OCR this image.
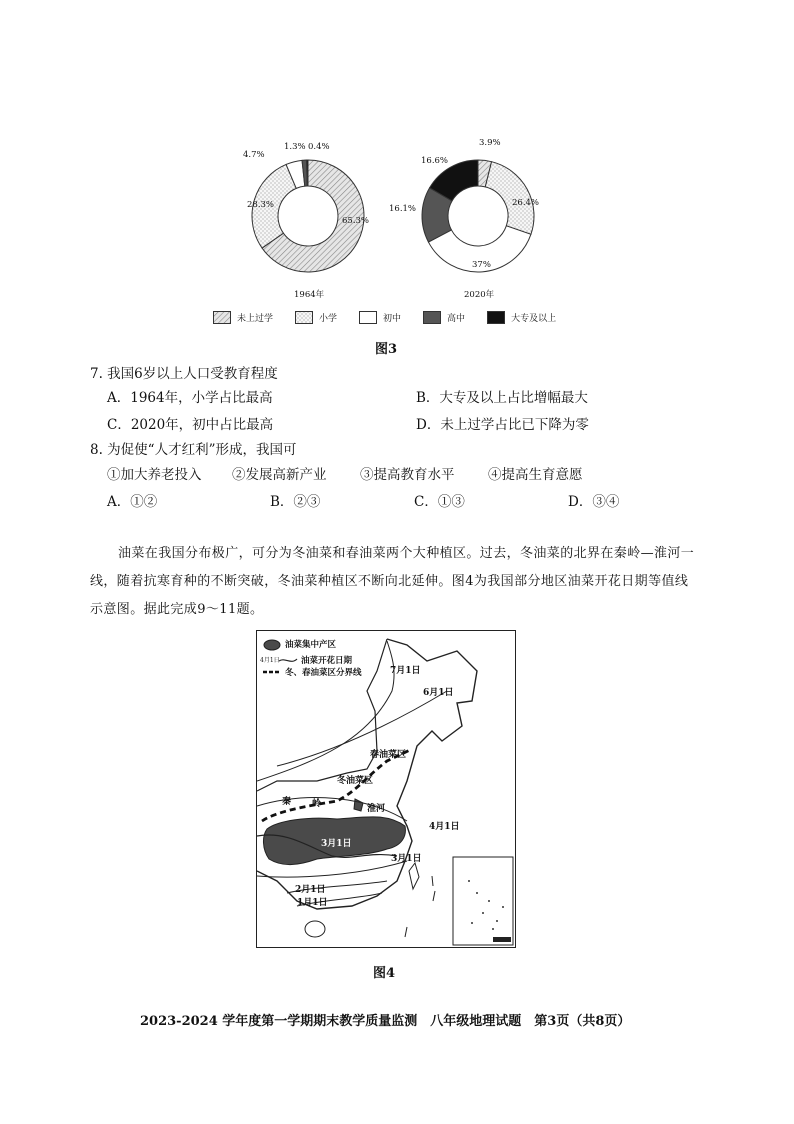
65.3%
28.3%
4.7%
1.3% 0.4%
1964年
3.9%
26.4%
37%
16.1%
16.6%
2020年
未上过学	小学	初中	高中	大专及以上
图3
7. 我国6岁以上人口受教育程度
A．1964年，小学占比最高	B．大专及以上占比增幅最大
C．2020年，初中占比最高	D．未上过学占比已下降为零
8. 为促使“人才红利”形成，我国可
①加大养老投入 ②发展高新产业 ③提高教育水平 ④提高生育意愿
A．①②	B．②③	C．①③	D．③④
油菜在我国分布极广，可分为冬油菜和春油菜两个大种植区。过去，冬油菜的北界在秦岭—淮河一
线，随着抗寒育种的不断突破，冬油菜种植区不断向北延伸。图4为我国部分地区油菜开花日期等值线
示意图。据此完成9～11题。
油菜集中产区
4月1日	油菜开花日期
冬、春油菜区分界线	7月1日
6月1日
春油菜区
冬油菜区
秦 岭	淮河
4月1日
3月1日
3月1日
2月1日
1月1日
图4
2023-2024 学年度第一学期期末教学质量监测　八年级地理试题　第3页（共8页）
